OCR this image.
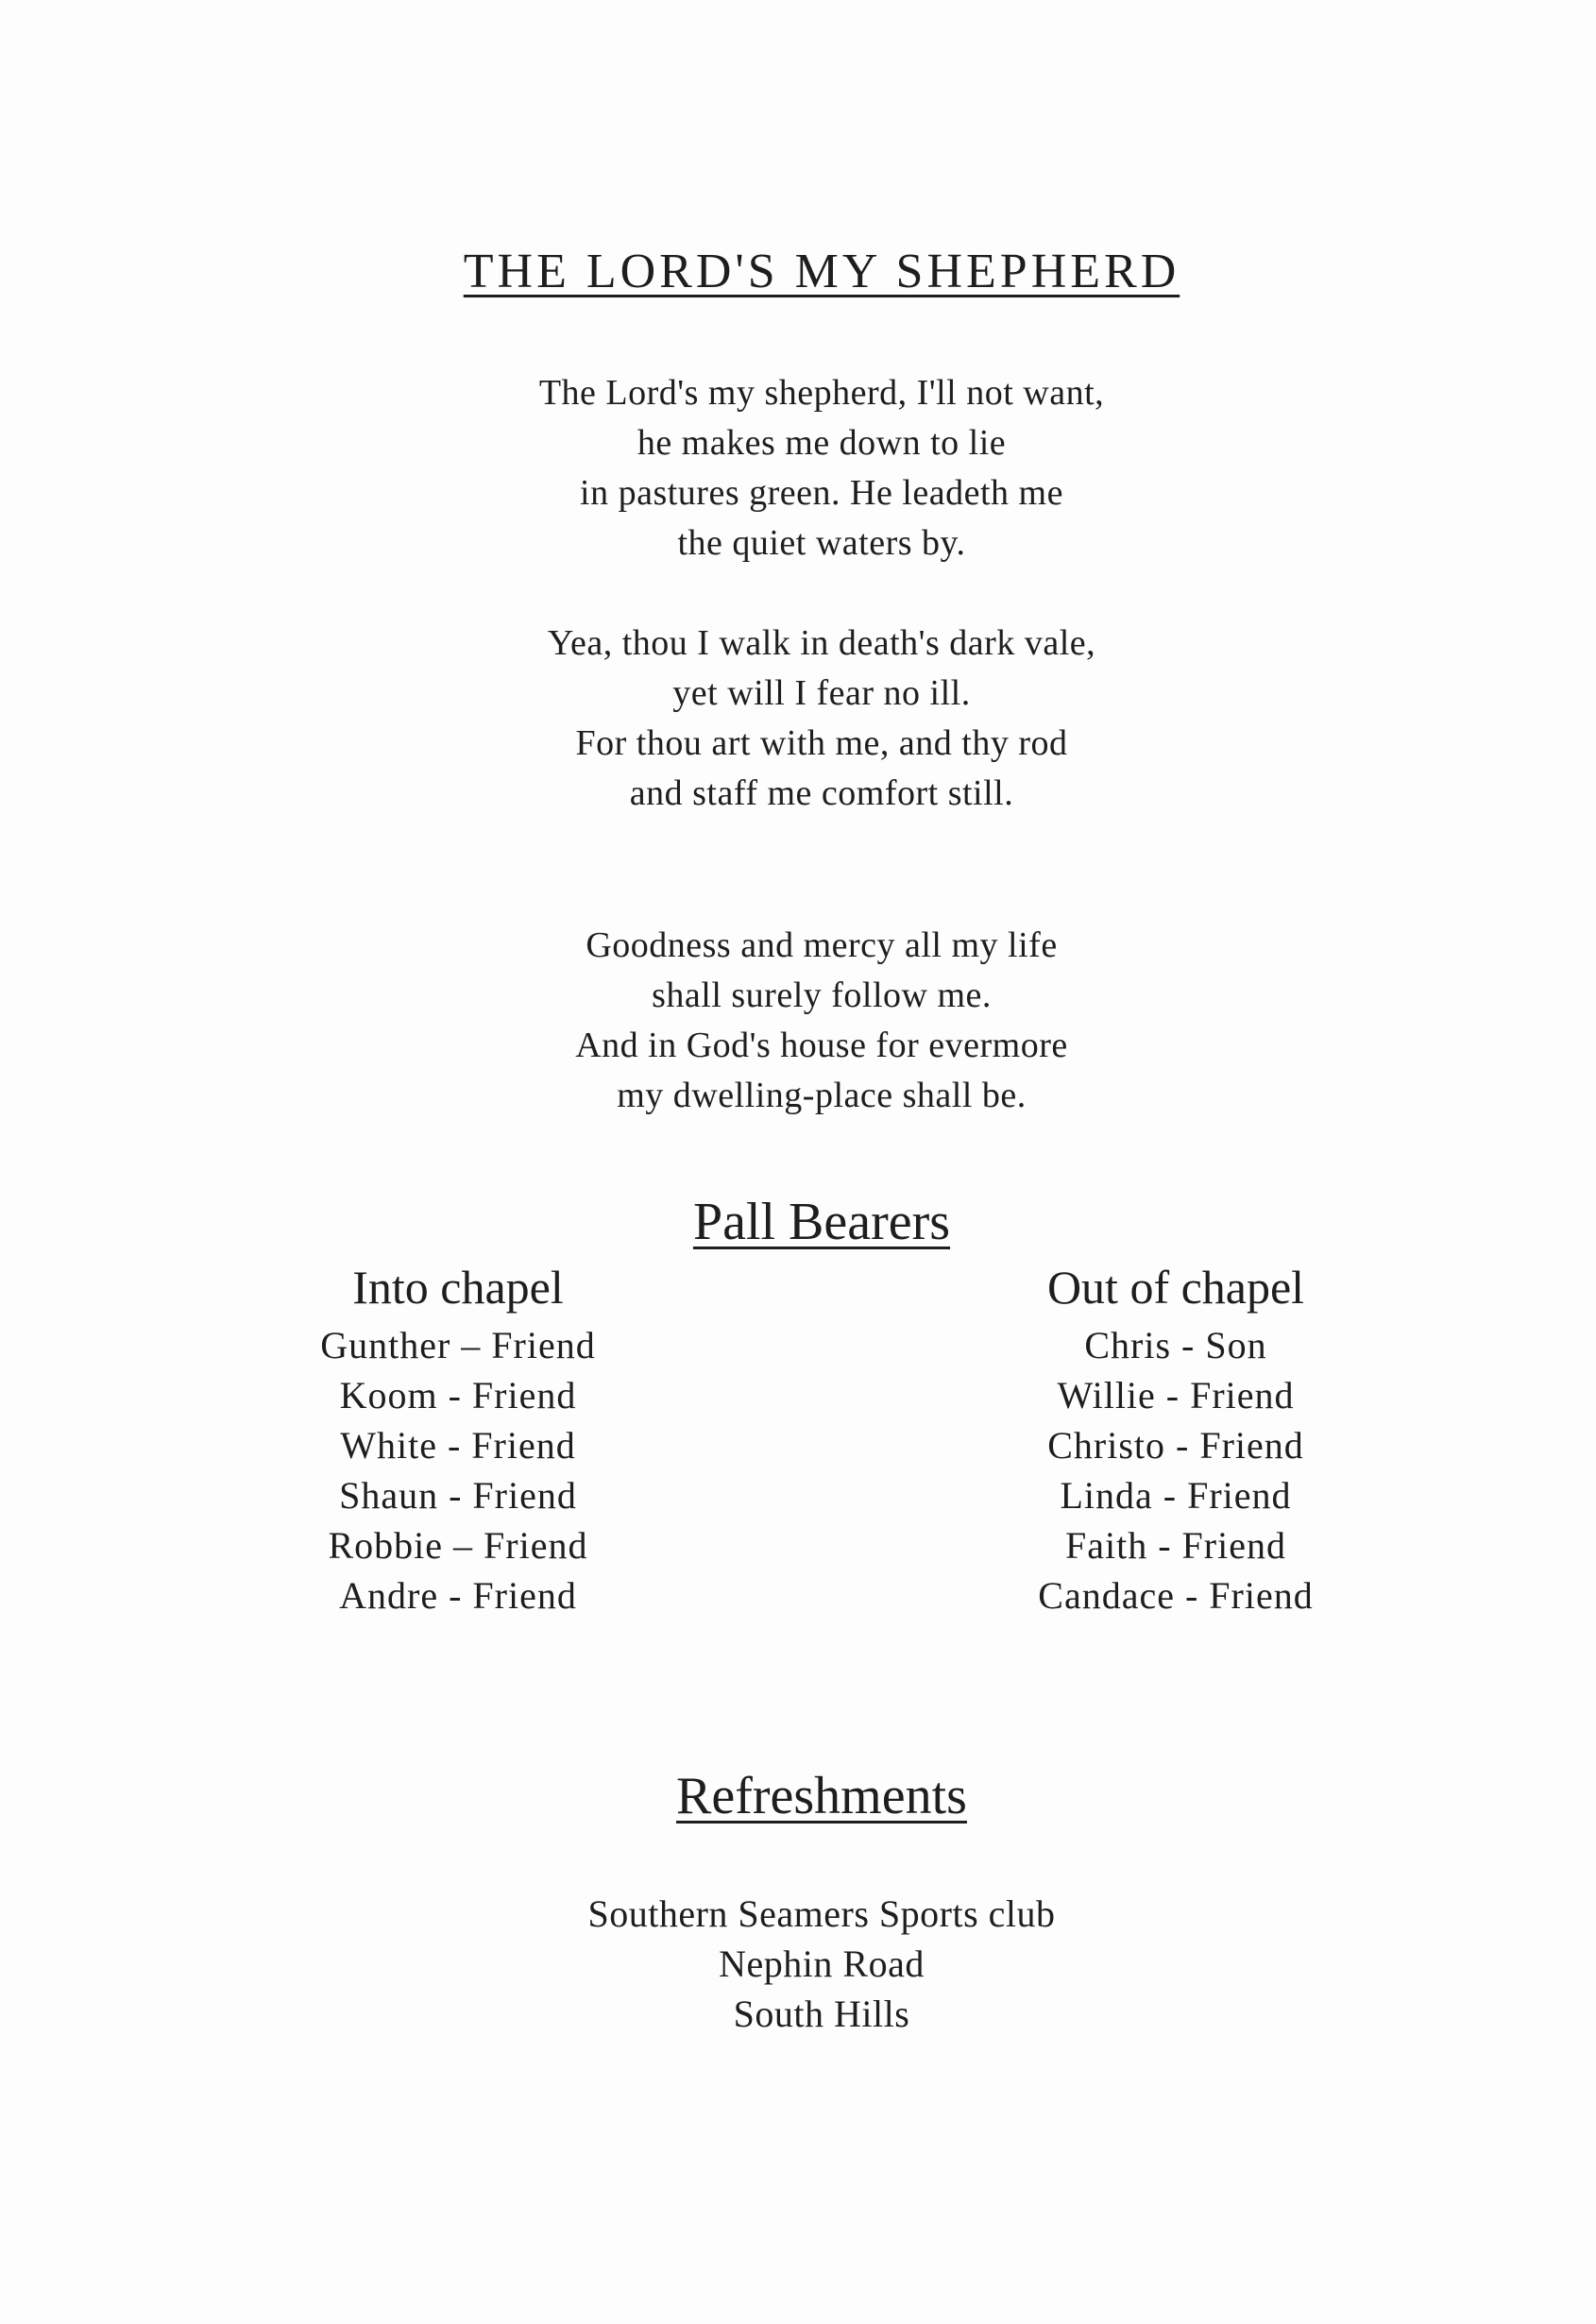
THE LORD'S MY SHEPHERD
The Lord's my shepherd, I'll not want,
he makes me down to lie
in pastures green. He leadeth me
the quiet waters by.
Yea, thou I walk in death's dark vale,
yet will I fear no ill.
For thou art with me, and thy rod
and staff me comfort still.
Goodness and mercy all my life
shall surely follow me.
And in God's house for evermore
my dwelling-place shall be.
Pall Bearers
Into chapel
Gunther – Friend
Koom - Friend
White - Friend
Shaun - Friend
Robbie – Friend
Andre - Friend
Out of chapel
Chris - Son
Willie - Friend
Christo - Friend
Linda - Friend
Faith - Friend
Candace - Friend
Refreshments
Southern Seamers Sports club
Nephin Road
South Hills
